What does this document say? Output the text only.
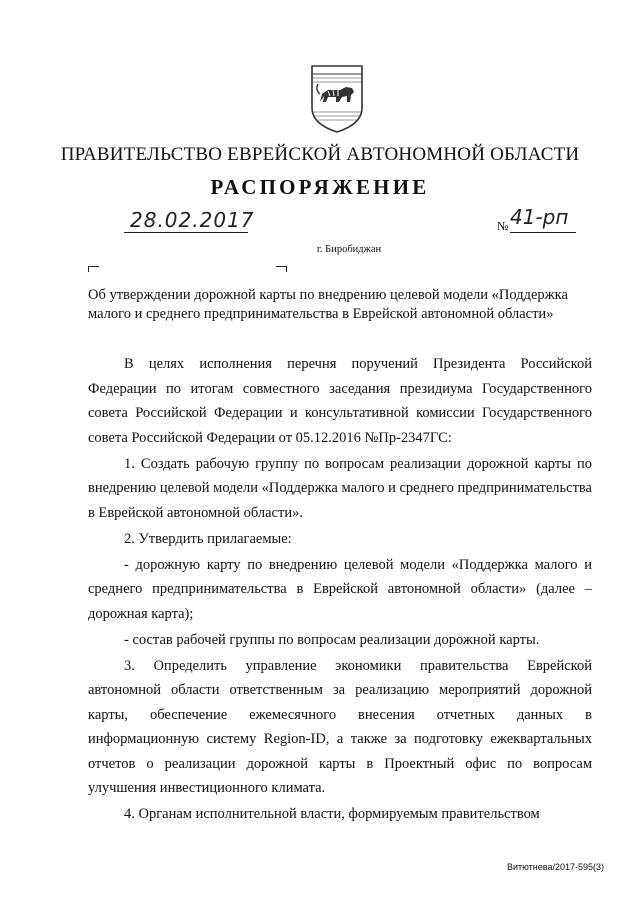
ПРАВИТЕЛЬСТВО ЕВРЕЙСКОЙ АВТОНОМНОЙ ОБЛАСТИ
РАСПОРЯЖЕНИЕ
28.02.2017	№ 41-рп
г. Биробиджан
Об утверждении дорожной карты по внедрению целевой модели «Поддержка малого и среднего предпринимательства в Еврейской автономной области»

В целях исполнения перечня поручений Президента Российской Федерации по итогам совместного заседания президиума Государственного совета Российской Федерации и консультативной комиссии Государственного совета Российской Федерации от 05.12.2016 №Пр-2347ГС:

1. Создать рабочую группу по вопросам реализации дорожной карты по внедрению целевой модели «Поддержка малого и среднего предпринимательства в Еврейской автономной области».

2. Утвердить прилагаемые:

- дорожную карту по внедрению целевой модели «Поддержка малого и среднего предпринимательства в Еврейской автономной области» (далее – дорожная карта);

- состав рабочей группы по вопросам реализации дорожной карты.

3. Определить управление экономики правительства Еврейской автономной области ответственным за реализацию мероприятий дорожной карты, обеспечение ежемесячного внесения отчетных данных в информационную систему Region-ID, а также за подготовку ежеквартальных отчетов о реализации дорожной карты в Проектный офис по вопросам улучшения инвестиционного климата.

4. Органам исполнительной власти, формируемым правительством

Витютнева/2017-595(3)
